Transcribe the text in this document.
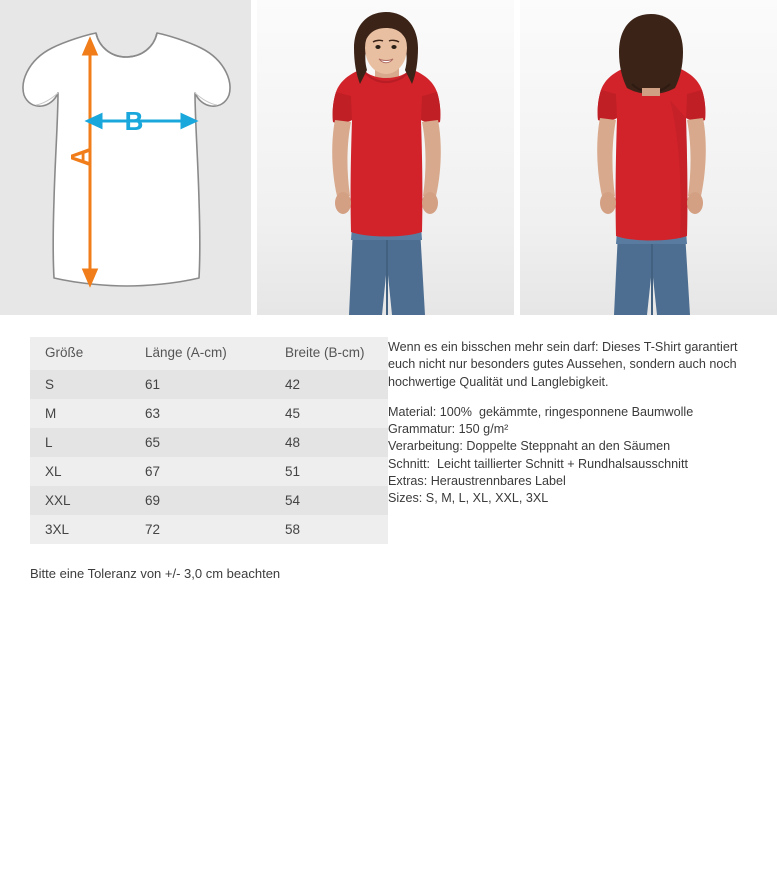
A
B
Größe	Länge (A-cm)	Breite (B-cm)
S	61	42
M	63	45
L	65	48
XL	67	51
XXL	69	54
3XL	72	58

Wenn es ein bisschen mehr sein darf: Dieses T-Shirt garantiert euch nicht nur besonders gutes Aussehen, sondern auch noch hochwertige Qualität und Langlebigkeit.

Material: 100%  gekämmte, ringesponnene Baumwolle

Grammatur: 150 g/m²

Verarbeitung: Doppelte Steppnaht an den Säumen

Schnitt:  Leicht taillierter Schnitt + Rundhalsausschnitt

Extras: Heraustrennbares Label

Sizes: S, M, L, XL, XXL, 3XL

Bitte eine Toleranz von +/- 3,0 cm beachten
